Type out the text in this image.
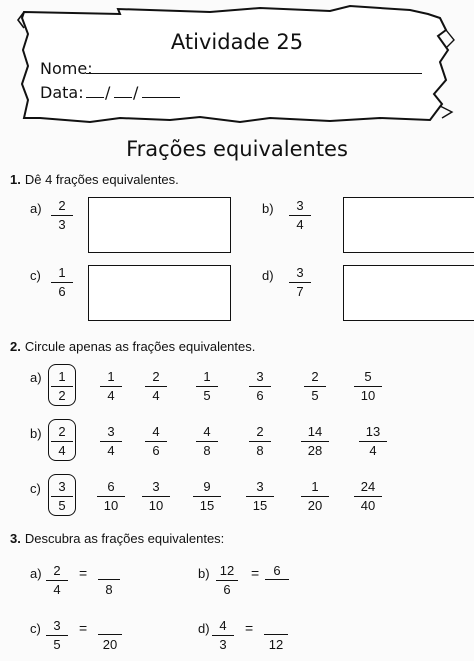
Atividade 25
Nome:
Data: / /
Frações equivalentes
1. Dê 4 frações equivalentes.
a) 2
3
b) 3
4
c) 1
6
d) 3
7
2. Circule apenas as frações equivalentes.
a) 1
2
1
4
2
4
1
5
3
6
2
5
5
10
b) 2
4
3
4
4
6
4
8
2
8
14
28
13
4
c) 3
5
6
10
3
10
9
15
3
15
1
20
24
40
3. Descubra as frações equivalentes:
a) 2
4
=
8
b) 12
6
=	6
c) 3
5
=
20
d) 4
3
=
12
